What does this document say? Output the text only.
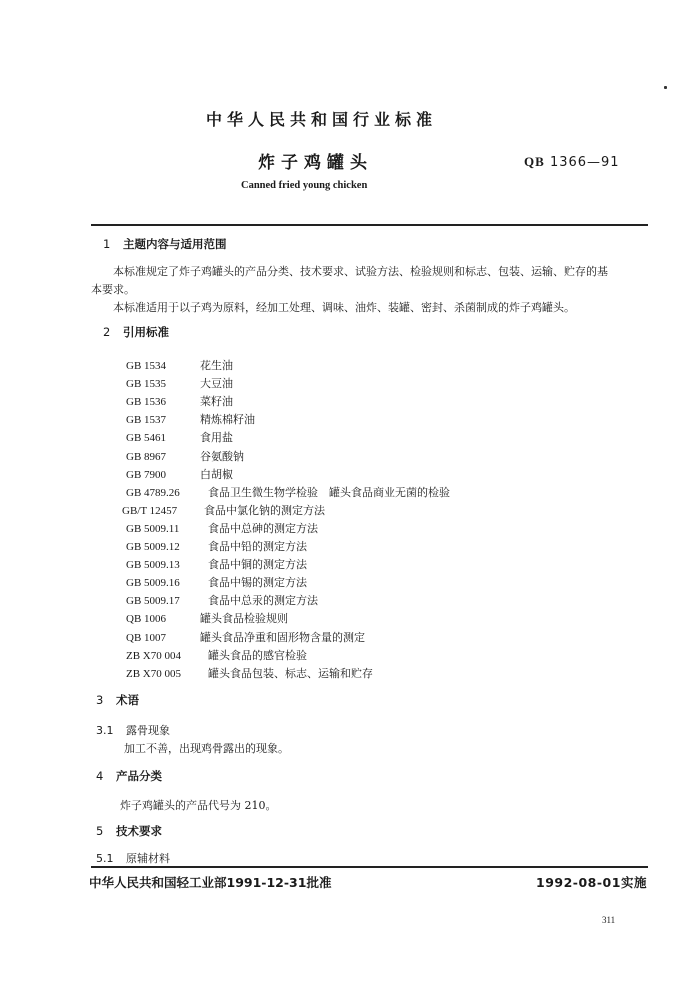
中华人民共和国行业标准
炸子鸡罐头	QB 1366—91
Canned fried young chicken
1 主题内容与适用范围
本标准规定了炸子鸡罐头的产品分类、技术要求、试验方法、检验规则和标志、包装、运输、贮存的基
本要求。
本标准适用于以子鸡为原料，经加工处理、调味、油炸、装罐、密封、杀菌制成的炸子鸡罐头。
2 引用标准
GB 1534	花生油
GB 1535	大豆油
GB 1536	菜籽油
GB 1537	精炼棉籽油
GB 5461	食用盐
GB 8967	谷氨酸钠
GB 7900	白胡椒
GB 4789.26	食品卫生微生物学检验　罐头食品商业无菌的检验
GB/T 12457 食品中氯化钠的测定方法
GB 5009.11	食品中总砷的测定方法
GB 5009.12	食品中铅的测定方法
GB 5009.13	食品中铜的测定方法
GB 5009.16	食品中锡的测定方法
GB 5009.17	食品中总汞的测定方法
QB 1006	罐头食品检验规则
QB 1007	罐头食品净重和固形物含量的测定
ZB X70 004 罐头食品的感官检验
ZB X70 005 罐头食品包装、标志、运输和贮存
3 术语
3.1 露骨现象
加工不善，出现鸡骨露出的现象。
4 产品分类
炸子鸡罐头的产品代号为 210。
5 技术要求
5.1 原辅材料
中华人民共和国轻工业部1991-12-31批准	1992-08-01实施
311
